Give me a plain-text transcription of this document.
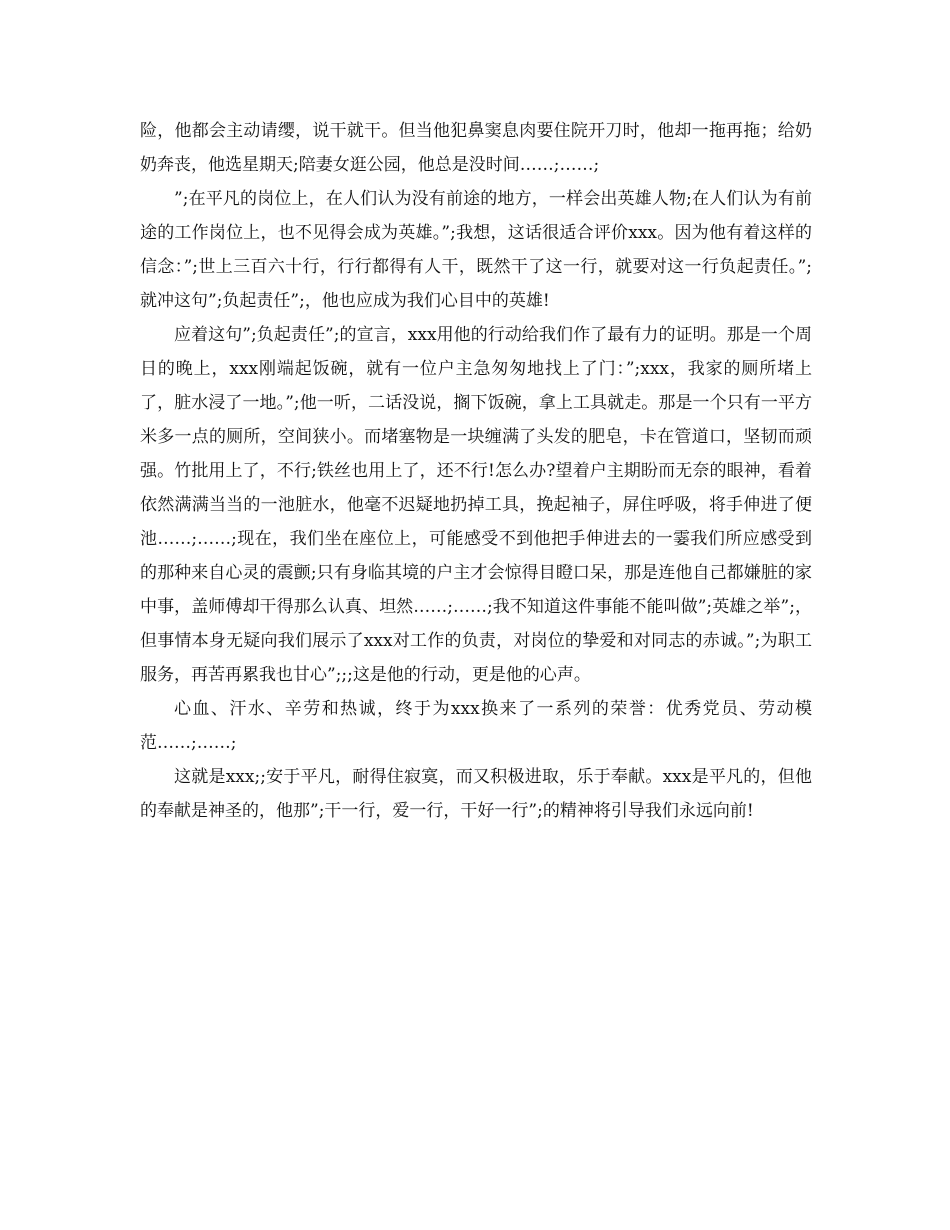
险，他都会主动请缨，说干就干。但当他犯鼻窦息肉要住院开刀时，他却一拖再拖；给奶奶奔丧，他选星期天;陪妻女逛公园，他总是没时间……;……;

”;在平凡的岗位上，在人们认为没有前途的地方，一样会出英雄人物;在人们认为有前途的工作岗位上，也不见得会成为英雄。”;我想，这话很适合评价xxx。因为他有着这样的信念：”;世上三百六十行，行行都得有人干，既然干了这一行，就要对这一行负起责任。”;就冲这句”;负起责任”;，他也应成为我们心目中的英雄!

应着这句”;负起责任”;的宣言，xxx用他的行动给我们作了最有力的证明。那是一个周日的晚上，xxx刚端起饭碗，就有一位户主急匆匆地找上了门：”;xxx，我家的厕所堵上了，脏水浸了一地。”;他一听，二话没说，搁下饭碗，拿上工具就走。那是一个只有一平方米多一点的厕所，空间狭小。而堵塞物是一块缠满了头发的肥皂，卡在管道口，坚韧而顽强。竹批用上了，不行;铁丝也用上了，还不行!怎么办?望着户主期盼而无奈的眼神，看着依然满满当当的一池脏水，他毫不迟疑地扔掉工具，挽起袖子，屏住呼吸，将手伸进了便池……;……;现在，我们坐在座位上，可能感受不到他把手伸进去的一霎我们所应感受到的那种来自心灵的震颤;只有身临其境的户主才会惊得目瞪口呆，那是连他自己都嫌脏的家中事，盖师傅却干得那么认真、坦然……;……;我不知道这件事能不能叫做”;英雄之举”;，但事情本身无疑向我们展示了xxx对工作的负责，对岗位的挚爱和对同志的赤诚。”;为职工服务，再苦再累我也甘心”;;;这是他的行动，更是他的心声。

心血、汗水、辛劳和热诚，终于为xxx换来了一系列的荣誉：优秀党员、劳动模范……;……;

这就是xxx;;安于平凡，耐得住寂寞，而又积极进取，乐于奉献。xxx是平凡的，但他的奉献是神圣的，他那”;干一行，爱一行，干好一行”;的精神将引导我们永远向前!
